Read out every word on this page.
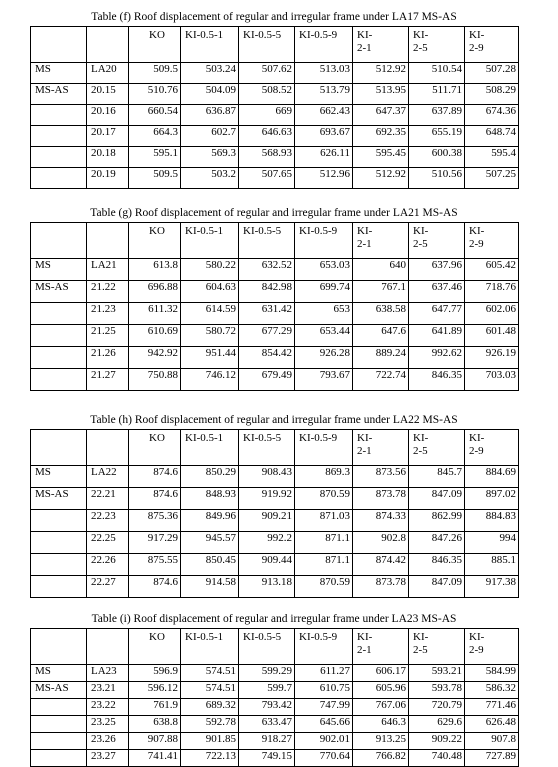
Table (f) Roof displacement of regular and irregular frame under LA17 MS-AS
		KO	KI-0.5-1	KI-0.5-5	KI-0.5-9	KI-
2-1	KI-
2-5	KI-
2-9

MS	LA20	509.5	503.24	507.62	513.03	512.92	510.54	507.28
MS-AS	20.15	510.76	504.09	508.52	513.79	513.95	511.71	508.29
	20.16	660.54	636.87	669	662.43	647.37	637.89	674.36
	20.17	664.3	602.7	646.63	693.67	692.35	655.19	648.74
	20.18	595.1	569.3	568.93	626.11	595.45	600.38	595.4
	20.19	509.5	503.2	507.65	512.96	512.92	510.56	507.25
Table (g) Roof displacement of regular and irregular frame under LA21 MS-AS
		KO	KI-0.5-1	KI-0.5-5	KI-0.5-9	KI-
2-1	KI-
2-5	KI-
2-9

MS	LA21	613.8	580.22	632.52	653.03	640	637.96	605.42
MS-AS	21.22	696.88	604.63	842.98	699.74	767.1	637.46	718.76
	21.23	611.32	614.59	631.42	653	638.58	647.77	602.06
	21.25	610.69	580.72	677.29	653.44	647.6	641.89	601.48
	21.26	942.92	951.44	854.42	926.28	889.24	992.62	926.19
	21.27	750.88	746.12	679.49	793.67	722.74	846.35	703.03
Table (h) Roof displacement of regular and irregular frame under LA22 MS-AS
		KO	KI-0.5-1	KI-0.5-5	KI-0.5-9	KI-
2-1	KI-
2-5	KI-
2-9

MS	LA22	874.6	850.29	908.43	869.3	873.56	845.7	884.69
MS-AS	22.21	874.6	848.93	919.92	870.59	873.78	847.09	897.02
	22.23	875.36	849.96	909.21	871.03	874.33	862.99	884.83
	22.25	917.29	945.57	992.2	871.1	902.8	847.26	994
	22.26	875.55	850.45	909.44	871.1	874.42	846.35	885.1
	22.27	874.6	914.58	913.18	870.59	873.78	847.09	917.38
Table (i) Roof displacement of regular and irregular frame under LA23 MS-AS
		KO	KI-0.5-1	KI-0.5-5	KI-0.5-9	KI-
2-1	KI-
2-5	KI-
2-9

MS	LA23	596.9	574.51	599.29	611.27	606.17	593.21	584.99
MS-AS	23.21	596.12	574.51	599.7	610.75	605.96	593.78	586.32
	23.22	761.9	689.32	793.42	747.99	767.06	720.79	771.46
	23.25	638.8	592.78	633.47	645.66	646.3	629.6	626.48
	23.26	907.88	901.85	918.27	902.01	913.25	909.22	907.8
	23.27	741.41	722.13	749.15	770.64	766.82	740.48	727.89
